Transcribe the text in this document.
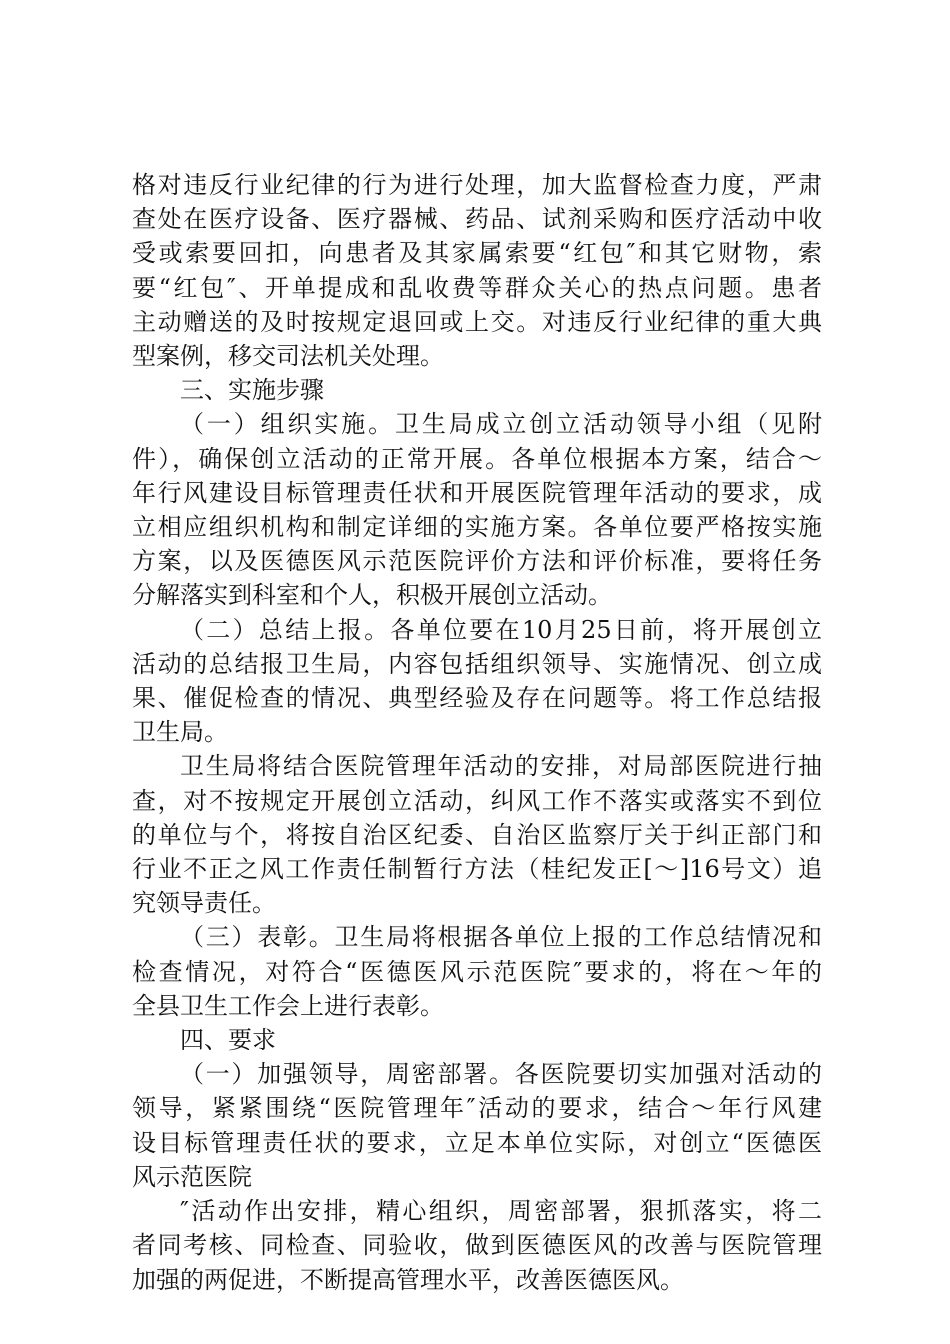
格对违反行业纪律的行为进行处理，加大监督检查力度，严肃
查处在医疗设备、医疗器械、药品、试剂采购和医疗活动中收
受或索要回扣，向患者及其家属索要“红包″和其它财物，索
要“红包″、开单提成和乱收费等群众关心的热点问题。患者
主动赠送的及时按规定退回或上交。对违反行业纪律的重大典
型案例，移交司法机关处理。
三、实施步骤
（一）组织实施。卫生局成立创立活动领导小组（见附
件），确保创立活动的正常开展。各单位根据本方案，结合～
年行风建设目标管理责任状和开展医院管理年活动的要求，成
立相应组织机构和制定详细的实施方案。各单位要严格按实施
方案，以及医德医风示范医院评价方法和评价标准，要将任务
分解落实到科室和个人，积极开展创立活动。
（二）总结上报。各单位要在10月25日前，将开展创立
活动的总结报卫生局，内容包括组织领导、实施情况、创立成
果、催促检查的情况、典型经验及存在问题等。将工作总结报
卫生局。
卫生局将结合医院管理年活动的安排，对局部医院进行抽
查，对不按规定开展创立活动，纠风工作不落实或落实不到位
的单位与个，将按自治区纪委、自治区监察厅关于纠正部门和
行业不正之风工作责任制暂行方法（桂纪发正[～]16号文）追
究领导责任。
（三）表彰。卫生局将根据各单位上报的工作总结情况和
检查情况，对符合“医德医风示范医院″要求的，将在～年的
全县卫生工作会上进行表彰。
四、要求
（一）加强领导，周密部署。各医院要切实加强对活动的
领导，紧紧围绕“医院管理年″活动的要求，结合～年行风建
设目标管理责任状的要求，立足本单位实际，对创立“医德医
风示范医院
″活动作出安排，精心组织，周密部署，狠抓落实，将二
者同考核、同检查、同验收，做到医德医风的改善与医院管理
加强的两促进，不断提高管理水平，改善医德医风。
